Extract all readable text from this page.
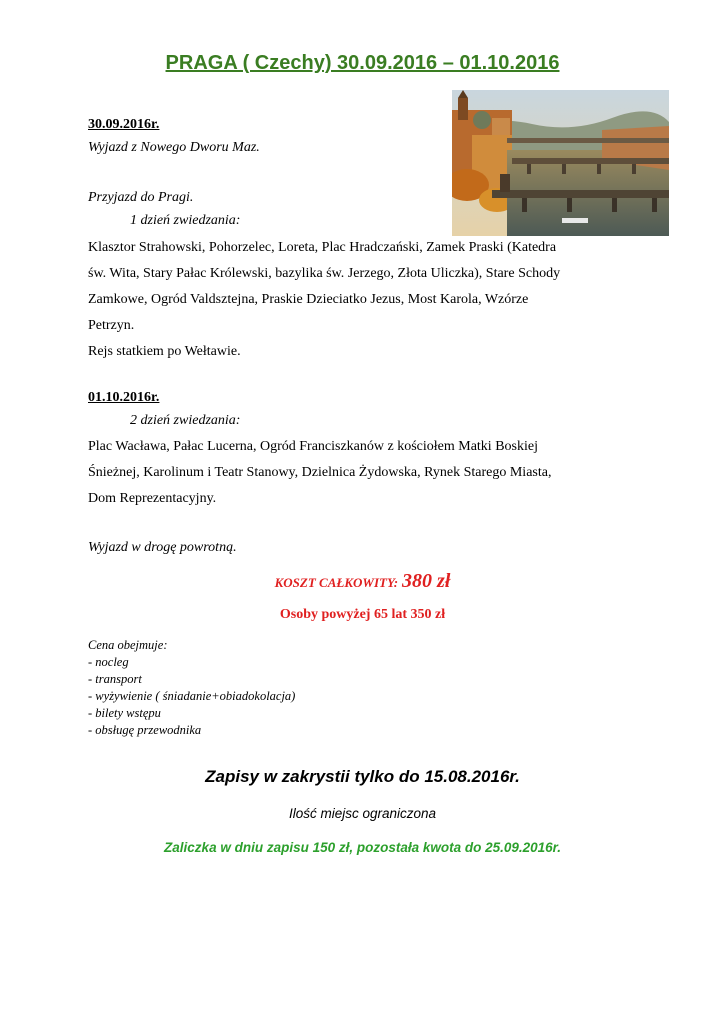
PRAGA ( Czechy) 30.09.2016 – 01.10.2016
30.09.2016r.
Wyjazd z Nowego Dworu Maz.
Przyjazd do Pragi.
1 dzień zwiedzania:
Klasztor Strahowski, Pohorzelec, Loreta, Plac Hradczański, Zamek Praski (Katedra
św. Wita, Stary Pałac Królewski, bazylika św. Jerzego, Złota Uliczka), Stare Schody
Zamkowe, Ogród Valdsztejna, Praskie Dzieciatko Jezus, Most Karola, Wzórze
Petrzyn.
Rejs statkiem po Wełtawie.
01.10.2016r.
2 dzień zwiedzania:
Plac Wacława, Pałac Lucerna, Ogród Franciszkanów z kościołem Matki Boskiej
Śnieżnej, Karolinum i Teatr Stanowy, Dzielnica Żydowska, Rynek Starego Miasta,
Dom Reprezentacyjny.
Wyjazd w drogę powrotną.
KOSZT CAŁKOWITY: 380 zł
Osoby powyżej 65 lat 350 zł
Cena obejmuje:
- nocleg
- transport
- wyżywienie ( śniadanie+obiadokolacja)
- bilety wstępu
- obsługę przewodnika
Zapisy w zakrystii tylko do 15.08.2016r.
Ilość miejsc ograniczona
Zaliczka w dniu zapisu 150 zł, pozostała kwota do 25.09.2016r.
